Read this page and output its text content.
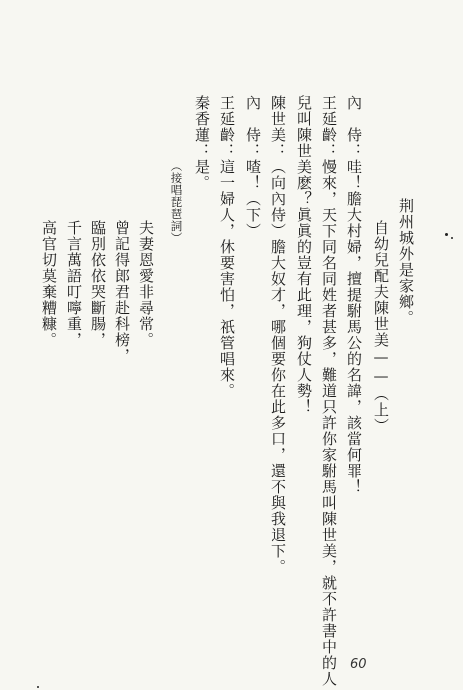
荆州城外是家鄉。
自幼兒配夫陳世美——（上）
內　侍：哇！膽大村婦，擅提駙馬公的名諱，該當何罪！
王延齡：慢來，天下同名同姓者甚多，難道只許你家駙馬叫陳世美，就不許書中的人
兒叫陳世美麽？眞眞的豈有此理，狗仗人勢！
陳世美：（向內侍）膽大奴才，哪個要你在此多口，還不與我退下。
內　侍：喳！（下）
王延齡：這一婦人，休要害怕，祇管唱來。
秦香蓮：是。
（接唱琵琶詞）
夫妻恩愛非尋常。
曾記得郎君赴科榜，
臨別依依哭斷腸，
千言萬語叮嚀重，
高官切莫棄糟糠。
60
